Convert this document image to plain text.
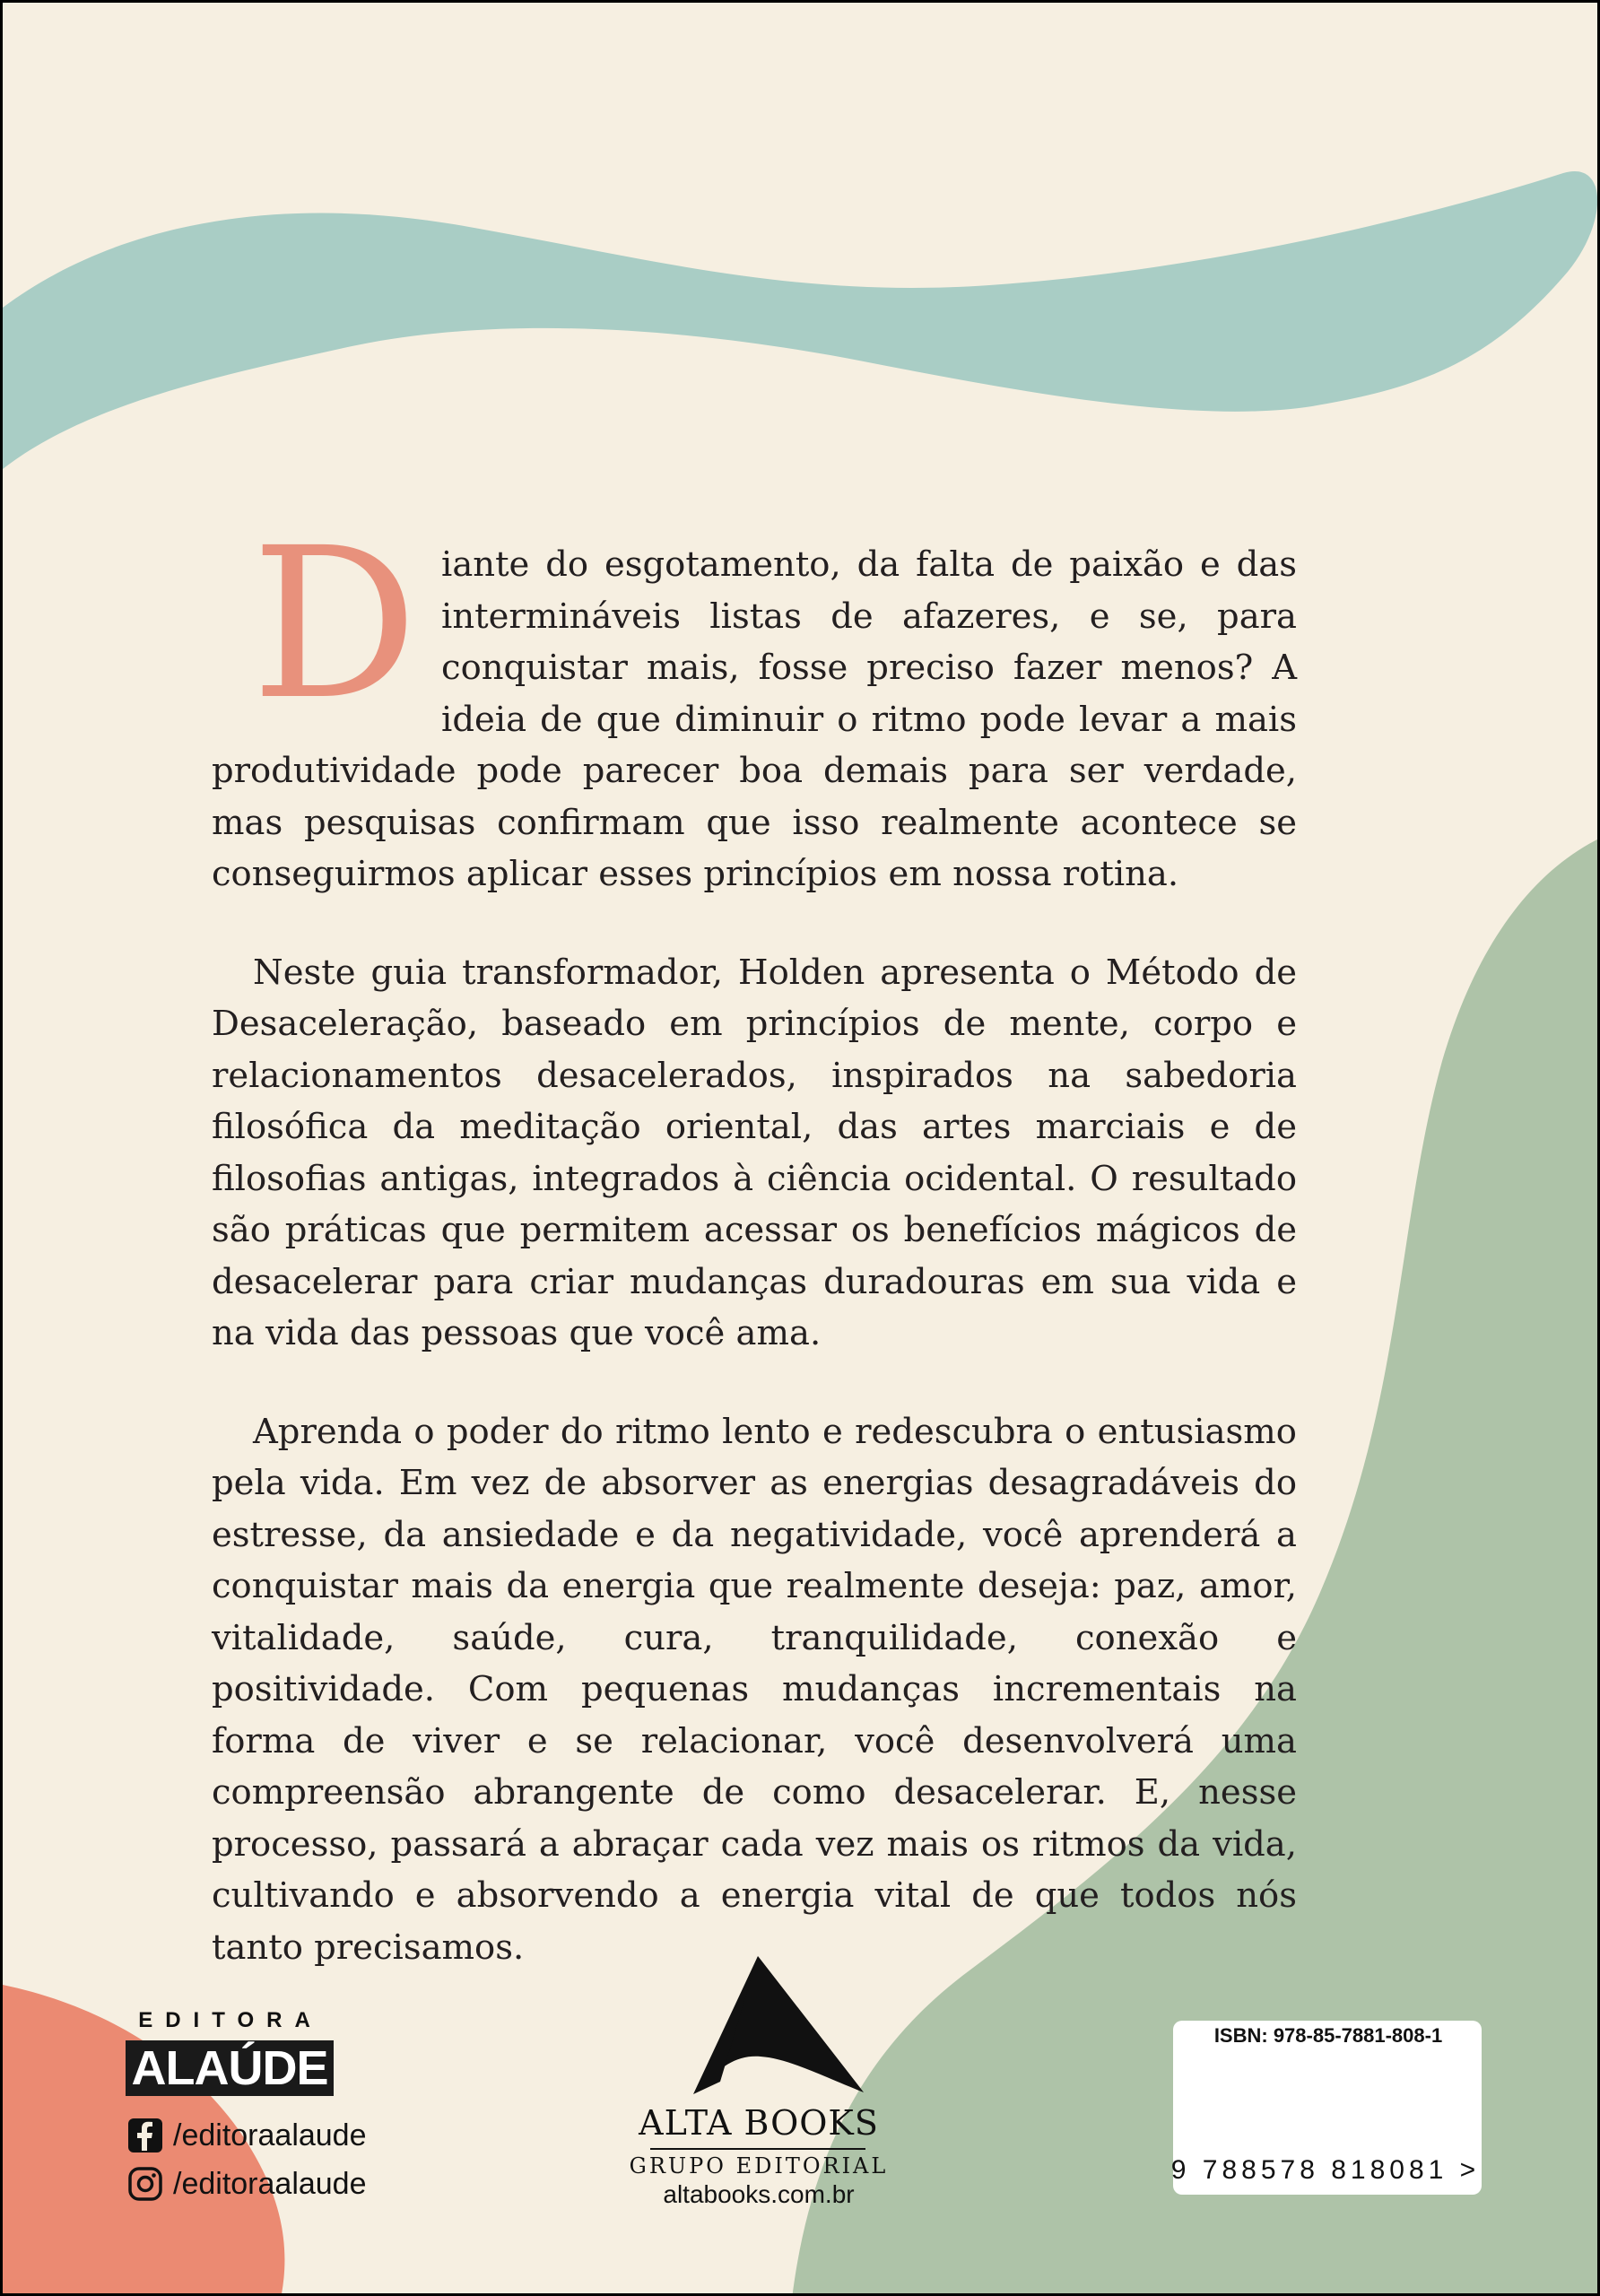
Diante do esgotamento, da falta de paixão e das intermináveis listas de afazeres, e se, para conquistar mais, fosse preciso fazer menos? A ideia de que diminuir o ritmo pode levar a mais produtividade pode parecer boa demais para ser verdade, mas pesquisas confirmam que isso realmente acontece se conseguirmos aplicar esses princípios em nossa rotina.

Neste guia transformador, Holden apresenta o Método de Desaceleração, baseado em princípios de mente, corpo e relacionamentos desacelerados, inspirados na sabedoria filosófica da meditação oriental, das artes marciais e de filosofias antigas, integrados à ciência ocidental. O resultado são práticas que permitem acessar os benefícios mágicos de desacelerar para criar mudanças duradouras em sua vida e na vida das pessoas que você ama.

Aprenda o poder do ritmo lento e redescubra o entusiasmo pela vida. Em vez de absorver as energias desagradáveis do estresse, da ansiedade e da negatividade, você aprenderá a conquistar mais da energia que realmente deseja: paz, amor, vitalidade, saúde, cura, tranquilidade, conexão e positividade. Com pequenas mudanças incrementais na forma de viver e se relacionar, você desenvolverá uma compreensão abrangente de como desacelerar. E, nesse processo, passará a abraçar cada vez mais os ritmos da vida, cultivando e absorvendo a energia vital de que todos nós tanto precisamos.

EDITORA
ALAÚDE
/editoraalaude
/editoraalaude
ALTA BOOKS
GRUPO EDITORIAL
altabooks.com.br
ISBN: 978-85-7881-808-1
9 788578 818081 >
